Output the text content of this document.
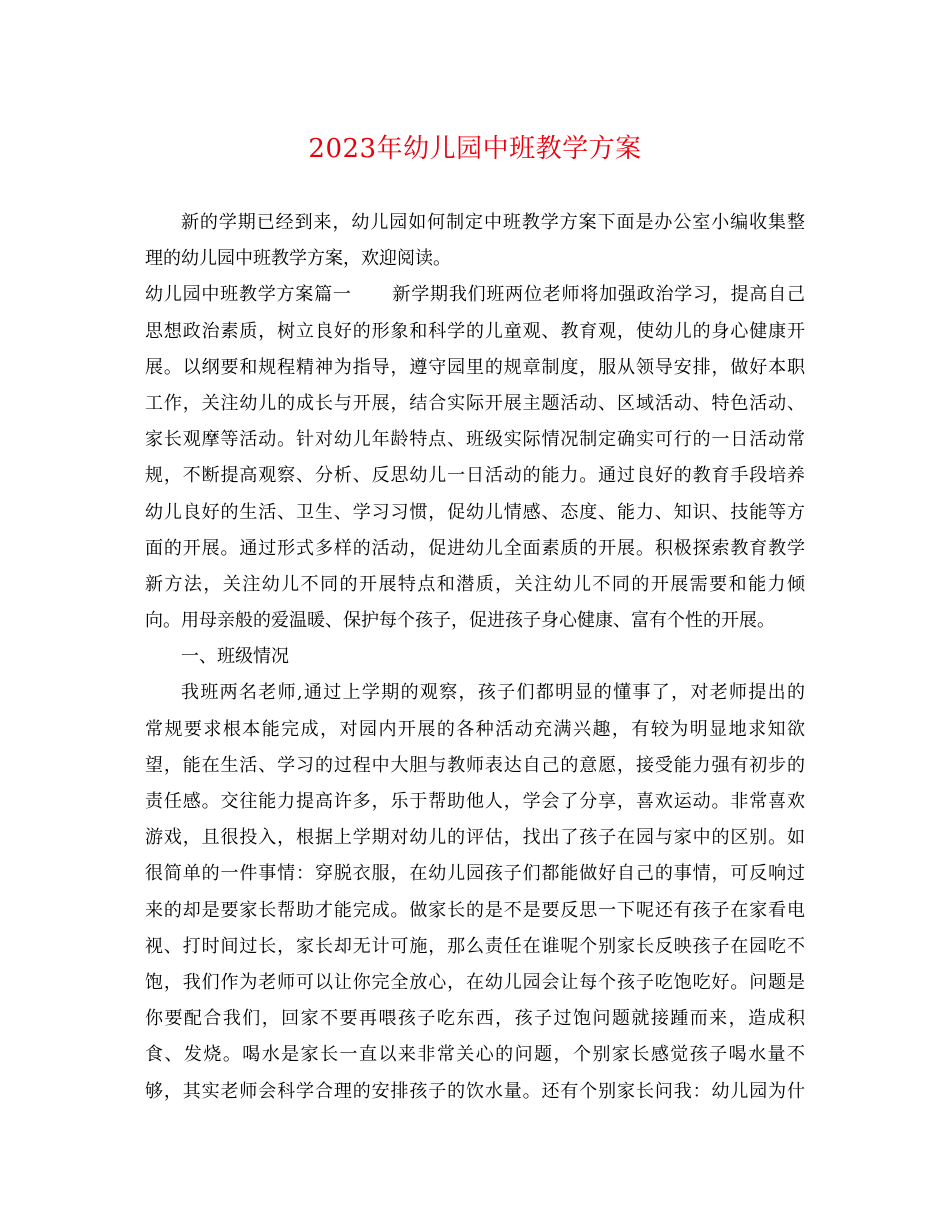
2023年幼儿园中班教学方案
新的学期已经到来，幼儿园如何制定中班教学方案下面是办公室小编收集整
理的幼儿园中班教学方案，欢迎阅读。
幼儿园中班教学方案篇一 新学期我们班两位老师将加强政治学习，提高自己
思想政治素质，树立良好的形象和科学的儿童观、教育观，使幼儿的身心健康开
展。以纲要和规程精神为指导，遵守园里的规章制度，服从领导安排，做好本职
工作，关注幼儿的成长与开展，结合实际开展主题活动、区域活动、特色活动、
家长观摩等活动。针对幼儿年龄特点、班级实际情况制定确实可行的一日活动常
规，不断提高观察、分析、反思幼儿一日活动的能力。通过良好的教育手段培养
幼儿良好的生活、卫生、学习习惯，促幼儿情感、态度、能力、知识、技能等方
面的开展。通过形式多样的活动，促进幼儿全面素质的开展。积极探索教育教学
新方法，关注幼儿不同的开展特点和潜质，关注幼儿不同的开展需要和能力倾
向。用母亲般的爱温暖、保护每个孩子，促进孩子身心健康、富有个性的开展。
一、班级情况
我班两名老师,通过上学期的观察，孩子们都明显的懂事了，对老师提出的
常规要求根本能完成，对园内开展的各种活动充满兴趣，有较为明显地求知欲
望，能在生活、学习的过程中大胆与教师表达自己的意愿，接受能力强有初步的
责任感。交往能力提高许多，乐于帮助他人，学会了分享，喜欢运动。非常喜欢
游戏，且很投入，根据上学期对幼儿的评估，找出了孩子在园与家中的区别。如
很简单的一件事情：穿脱衣服，在幼儿园孩子们都能做好自己的事情，可反响过
来的却是要家长帮助才能完成。做家长的是不是要反思一下呢还有孩子在家看电
视、打时间过长，家长却无计可施，那么责任在谁呢个别家长反映孩子在园吃不
饱，我们作为老师可以让你完全放心，在幼儿园会让每个孩子吃饱吃好。问题是
你要配合我们，回家不要再喂孩子吃东西，孩子过饱问题就接踵而来，造成积
食、发烧。喝水是家长一直以来非常关心的问题，个别家长感觉孩子喝水量不
够，其实老师会科学合理的安排孩子的饮水量。还有个别家长问我：幼儿园为什
